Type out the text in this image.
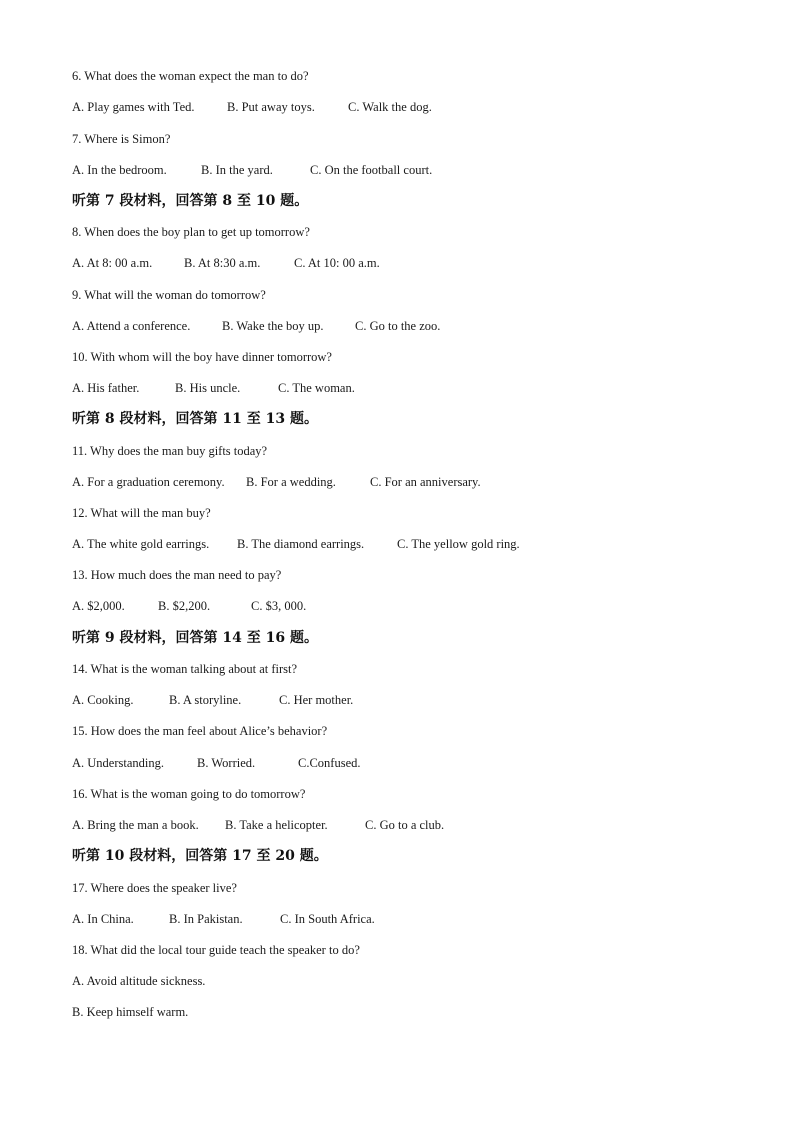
6. What does the woman expect the man to do?
A. Play games with Ted.	B. Put away toys.	C. Walk the dog.
7. Where is Simon?
A. In the bedroom.	B. In the yard.	C. On the football court.
听第 7 段材料，回答第 8 至 10 题。
8. When does the boy plan to get up tomorrow?
A. At 8: 00 a.m.	B. At 8:30 a.m.	C. At 10: 00 a.m.
9. What will the woman do tomorrow?
A. Attend a conference.	B. Wake the boy up.	C. Go to the zoo.
10. With whom will the boy have dinner tomorrow?
A. His father.	B. His uncle.	C. The woman.
听第 8 段材料，回答第 11 至 13 题。
11. Why does the man buy gifts today?
A. For a graduation ceremony. B. For a wedding.	C. For an anniversary.
12. What will the man buy?
A. The white gold earrings. B. The diamond earrings.	C. The yellow gold ring.
13. How much does the man need to pay?
A. $2,000.	B. $2,200.	C. $3, 000.
听第 9 段材料，回答第 14 至 16 题。
14. What is the woman talking about at first?
A. Cooking.	B. A storyline.	C. Her mother.
15. How does the man feel about Alice’s behavior?
A. Understanding.	B. Worried.	C.Confused.
16. What is the woman going to do tomorrow?
A. Bring the man a book. B. Take a helicopter.	C. Go to a club.
听第 10 段材料，回答第 17 至 20 题。
17. Where does the speaker live?
A. In China.	B. In Pakistan.	C. In South Africa.
18. What did the local tour guide teach the speaker to do?
A. Avoid altitude sickness.
B. Keep himself warm.
